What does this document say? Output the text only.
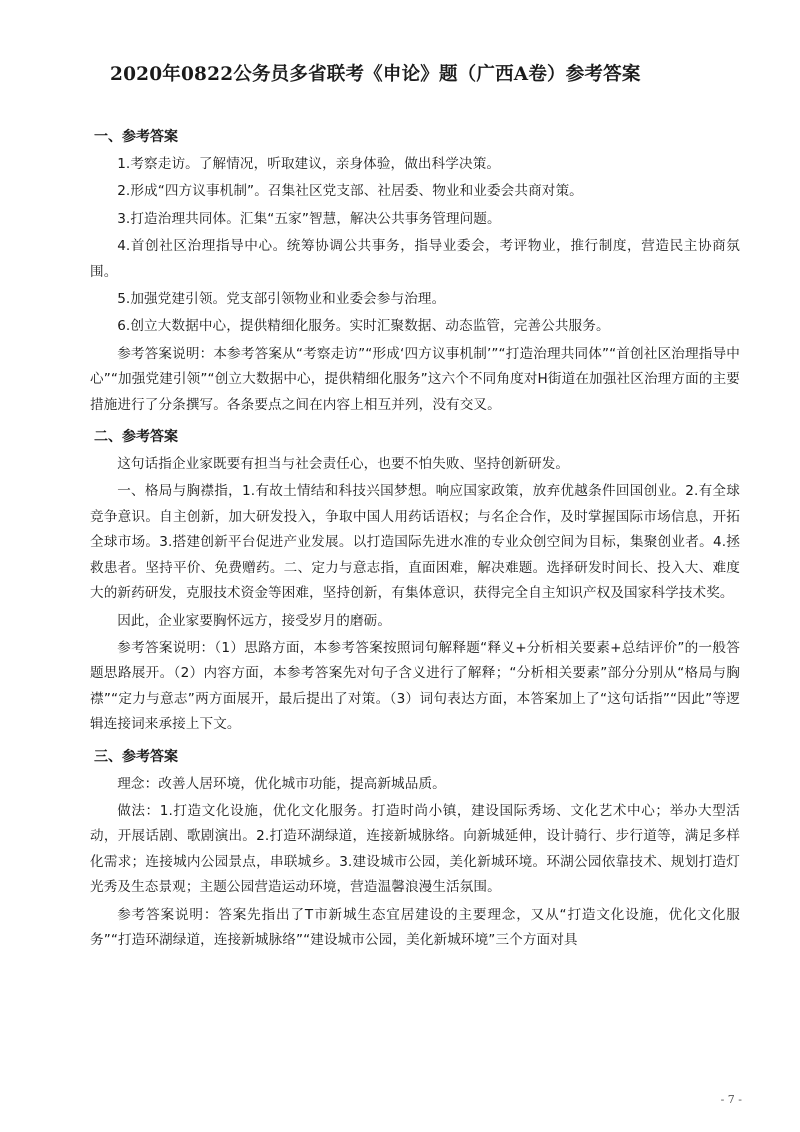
2020年0822公务员多省联考《申论》题（广西A卷）参考答案
一、参考答案

1.考察走访。了解情况，听取建议，亲身体验，做出科学决策。

2.形成“四方议事机制”。召集社区党支部、社居委、物业和业委会共商对策。

3.打造治理共同体。汇集“五家”智慧，解决公共事务管理问题。

4.首创社区治理指导中心。统筹协调公共事务，指导业委会，考评物业，推行制度，营造民主协商氛围。

5.加强党建引领。党支部引领物业和业委会参与治理。

6.创立大数据中心，提供精细化服务。实时汇聚数据、动态监管，完善公共服务。

参考答案说明：本参考答案从“考察走访”“形成‘四方议事机制’”“打造治理共同体”“首创社区治理指导中心”“加强党建引领”“创立大数据中心，提供精细化服务”这六个不同角度对H街道在加强社区治理方面的主要措施进行了分条撰写。各条要点之间在内容上相互并列，没有交叉。

二、参考答案

这句话指企业家既要有担当与社会责任心，也要不怕失败、坚持创新研发。

一、格局与胸襟指，1.有故土情结和科技兴国梦想。响应国家政策，放弃优越条件回国创业。2.有全球竞争意识。自主创新，加大研发投入，争取中国人用药话语权；与名企合作，及时掌握国际市场信息，开拓全球市场。3.搭建创新平台促进产业发展。以打造国际先进水准的专业众创空间为目标，集聚创业者。4.拯救患者。坚持平价、免费赠药。二、定力与意志指，直面困难，解决难题。选择研发时间长、投入大、难度大的新药研发，克服技术资金等困难，坚持创新，有集体意识，获得完全自主知识产权及国家科学技术奖。

因此，企业家要胸怀远方，接受岁月的磨砺。

参考答案说明：（1）思路方面，本参考答案按照词句解释题“释义+分析相关要素+总结评价”的一般答题思路展开。（2）内容方面，本参考答案先对句子含义进行了解释；“分析相关要素”部分分别从“格局与胸襟”“定力与意志”两方面展开，最后提出了对策。（3）词句表达方面，本答案加上了“这句话指”“因此”等逻辑连接词来承接上下文。

三、参考答案

理念：改善人居环境，优化城市功能，提高新城品质。

做法：1.打造文化设施，优化文化服务。打造时尚小镇，建设国际秀场、文化艺术中心；举办大型活动，开展话剧、歌剧演出。2.打造环湖绿道，连接新城脉络。向新城延伸，设计骑行、步行道等，满足多样化需求；连接城内公园景点，串联城乡。3.建设城市公园，美化新城环境。环湖公园依靠技术、规划打造灯光秀及生态景观；主题公园营造运动环境，营造温馨浪漫生活氛围。

参考答案说明：答案先指出了T市新城生态宜居建设的主要理念，又从“打造文化设施，优化文化服务”“打造环湖绿道，连接新城脉络”“建设城市公园，美化新城环境”三个方面对具

- 7 -
